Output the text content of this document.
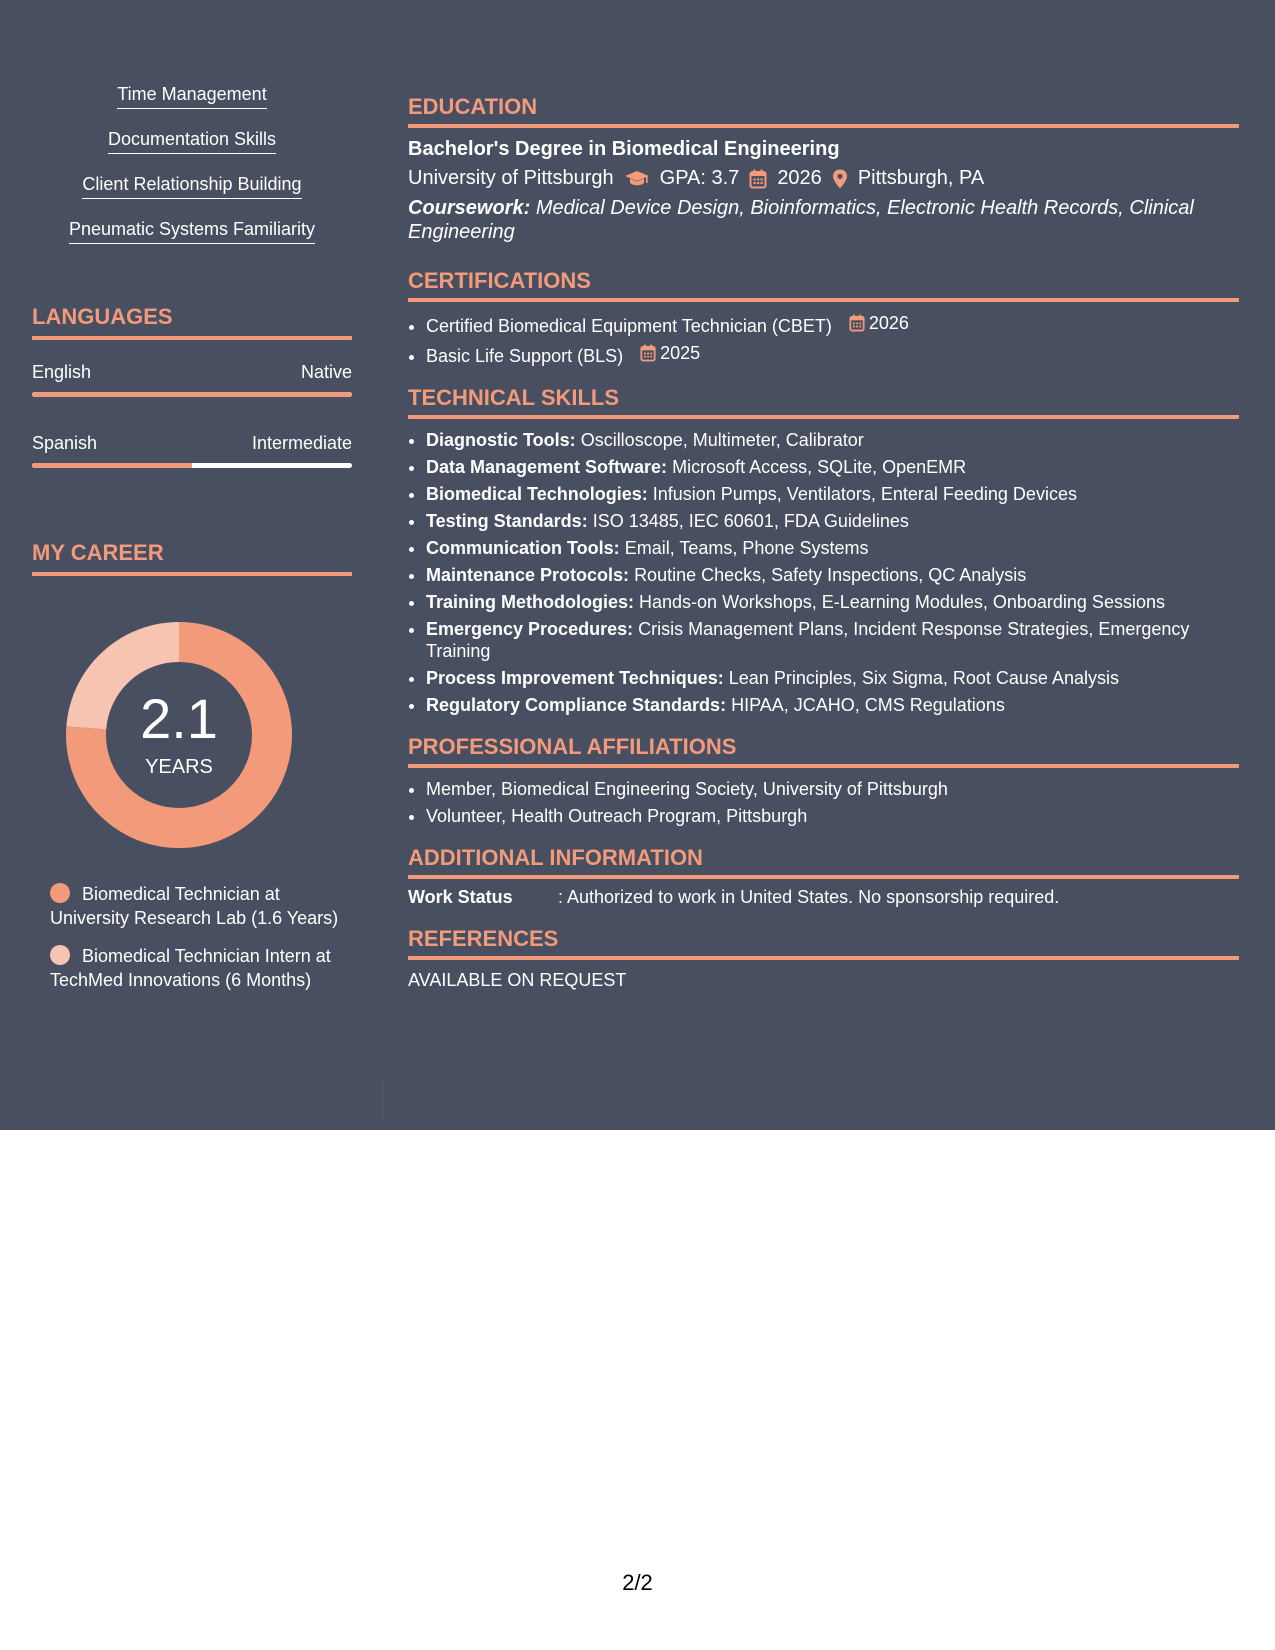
Time Management
Documentation Skills
Client Relationship Building
Pneumatic Systems Familiarity
LANGUAGES
English	Native
Spanish	Intermediate
MY CAREER
2.1
YEARS
Biomedical Technician at University Research Lab (1.6 Years)
Biomedical Technician Intern at TechMed Innovations (6 Months)
EDUCATION
Bachelor's Degree in Biomedical Engineering
University of Pittsburgh GPA: 3.7 2026 Pittsburgh, PA
Coursework: Medical Device Design, Bioinformatics, Electronic Health Records, Clinical Engineering
CERTIFICATIONS
• Certified Biomedical Equipment Technician (CBET) 2026
• Basic Life Support (BLS) 2025
TECHNICAL SKILLS
• Diagnostic Tools: Oscilloscope, Multimeter, Calibrator
• Data Management Software: Microsoft Access, SQLite, OpenEMR
• Biomedical Technologies: Infusion Pumps, Ventilators, Enteral Feeding Devices
• Testing Standards: ISO 13485, IEC 60601, FDA Guidelines
• Communication Tools: Email, Teams, Phone Systems
• Maintenance Protocols: Routine Checks, Safety Inspections, QC Analysis
• Training Methodologies: Hands-on Workshops, E-Learning Modules, Onboarding Sessions
• Emergency Procedures: Crisis Management Plans, Incident Response Strategies, Emergency Training
• Process Improvement Techniques: Lean Principles, Six Sigma, Root Cause Analysis
• Regulatory Compliance Standards: HIPAA, JCAHO, CMS Regulations
PROFESSIONAL AFFILIATIONS
• Member, Biomedical Engineering Society, University of Pittsburgh
• Volunteer, Health Outreach Program, Pittsburgh
ADDITIONAL INFORMATION
Work Status	: Authorized to work in United States. No sponsorship required.
REFERENCES
AVAILABLE ON REQUEST
2/2
